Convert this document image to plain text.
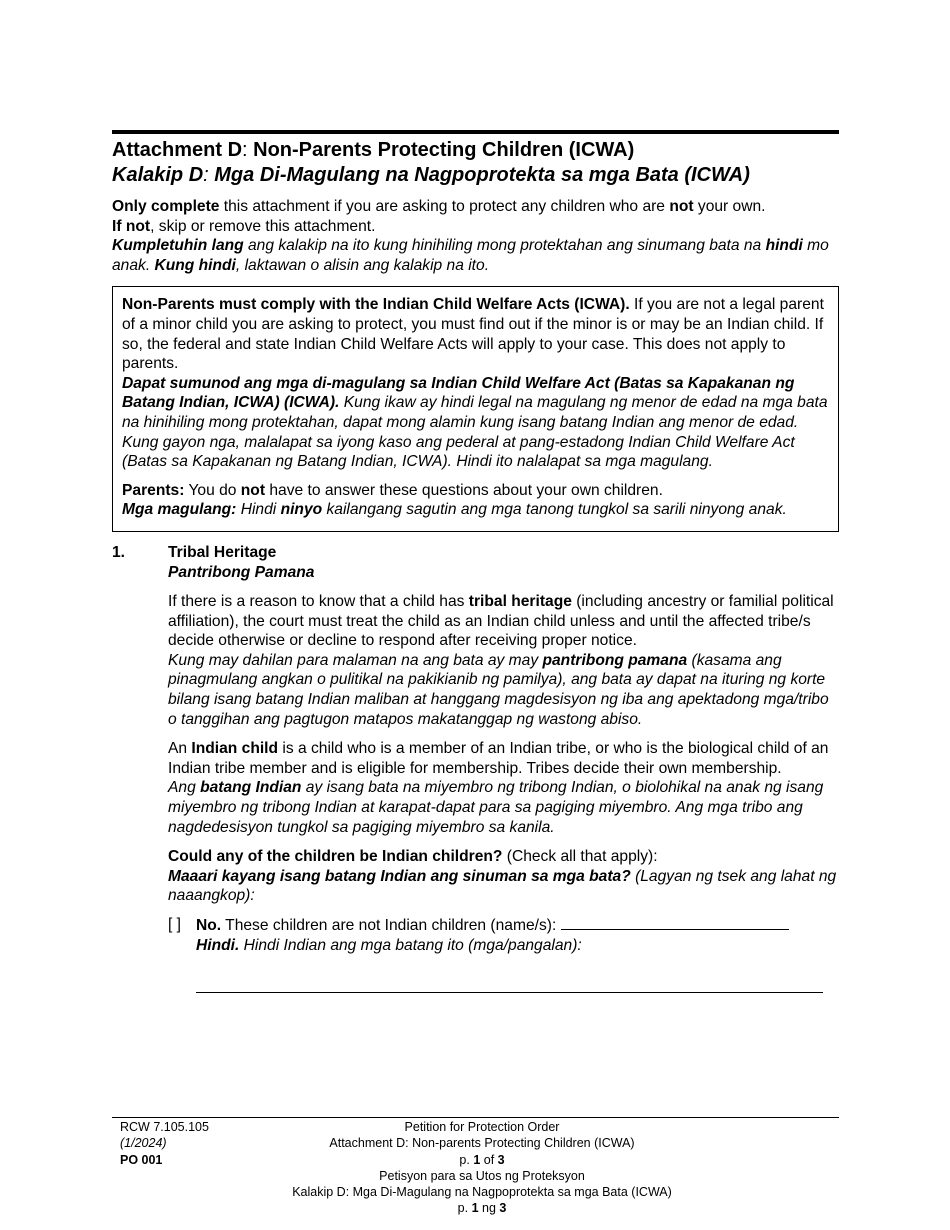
Attachment D: Non-Parents Protecting Children (ICWA)
Kalakip D: Mga Di-Magulang na Nagpoprotekta sa mga Bata (ICWA)
Only complete this attachment if you are asking to protect any children who are not your own.
If not, skip or remove this attachment.
Kumpletuhin lang ang kalakip na ito kung hinihiling mong protektahan ang sinumang bata na hindi mo anak. Kung hindi, laktawan o alisin ang kalakip na ito.

Non-Parents must comply with the Indian Child Welfare Acts (ICWA). If you are not a legal parent of a minor child you are asking to protect, you must find out if the minor is or may be an Indian child. If so, the federal and state Indian Child Welfare Acts will apply to your case. This does not apply to parents.

Dapat sumunod ang mga di-magulang sa Indian Child Welfare Act (Batas sa Kapakanan ng Batang Indian, ICWA) (ICWA). Kung ikaw ay hindi legal na magulang ng menor de edad na mga bata na hinihiling mong protektahan, dapat mong alamin kung isang batang Indian ang menor de edad. Kung gayon nga, malalapat sa iyong kaso ang pederal at pang-estadong Indian Child Welfare Act (Batas sa Kapakanan ng Batang Indian, ICWA). Hindi ito nalalapat sa mga magulang.

Parents: You do not have to answer these questions about your own children.

Mga magulang: Hindi ninyo kailangang sagutin ang mga tanong tungkol sa sarili ninyong anak.

1.	Tribal Heritage

Pantribong Pamana

If there is a reason to know that a child has tribal heritage (including ancestry or familial political affiliation), the court must treat the child as an Indian child unless and until the affected tribe/s decide otherwise or decline to respond after receiving proper notice.

Kung may dahilan para malaman na ang bata ay may pantribong pamana (kasama ang pinagmulang angkan o pulitikal na pakikianib ng pamilya), ang bata ay dapat na ituring ng korte bilang isang batang Indian maliban at hanggang magdesisyon ng iba ang apektadong mga/tribo o tanggihan ang pagtugon matapos makatanggap ng wastong abiso.

An Indian child is a child who is a member of an Indian tribe, or who is the biological child of an Indian tribe member and is eligible for membership. Tribes decide their own membership.

Ang batang Indian ay isang bata na miyembro ng tribong Indian, o biolohikal na anak ng isang miyembro ng tribong Indian at karapat-dapat para sa pagiging miyembro. Ang mga tribo ang nagdedesisyon tungkol sa pagiging miyembro sa kanila.

Could any of the children be Indian children? (Check all that apply):

Maaari kayang isang batang Indian ang sinuman sa mga bata? (Lagyan ng tsek ang lahat ng naaangkop):

[ ] No. These children are not Indian children (name/s):
Hindi. Hindi Indian ang mga batang ito (mga/pangalan):
RCW 7.105.105
(1/2024)
PO 001
Petition for Protection Order
Attachment D: Non-parents Protecting Children (ICWA)
p. 1 of 3
Petisyon para sa Utos ng Proteksyon
Kalakip D: Mga Di-Magulang na Nagpoprotekta sa mga Bata (ICWA)
p. 1 ng 3
